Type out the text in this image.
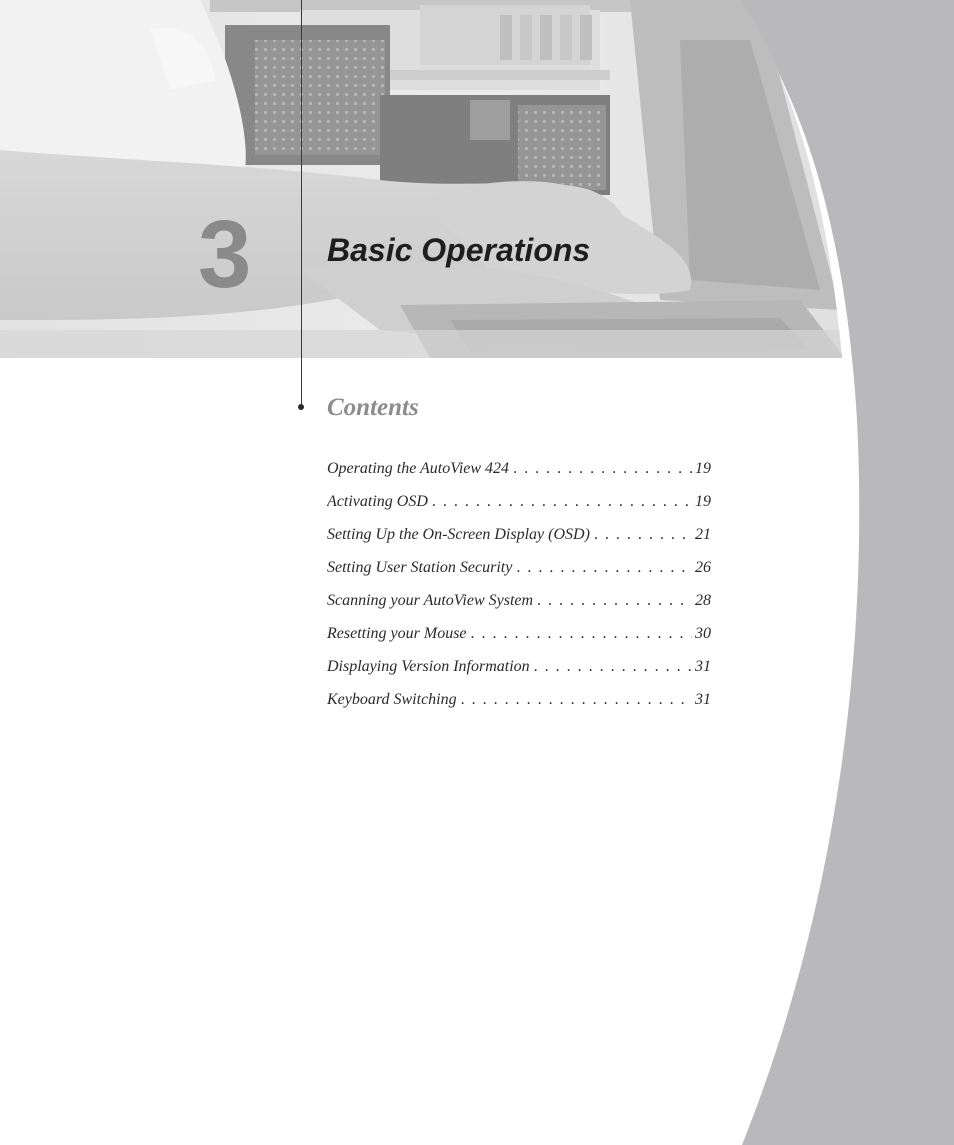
3 Basic Operations
Contents
Operating the AutoView 424 . . .	19
Activating OSD . . .	19
Setting Up the On-Screen Display (OSD) . . .	21
Setting User Station Security . . .	26
Scanning your AutoView System . . .	28
Resetting your Mouse . . .	30
Displaying Version Information . . .	31
Keyboard Switching . . .	31
